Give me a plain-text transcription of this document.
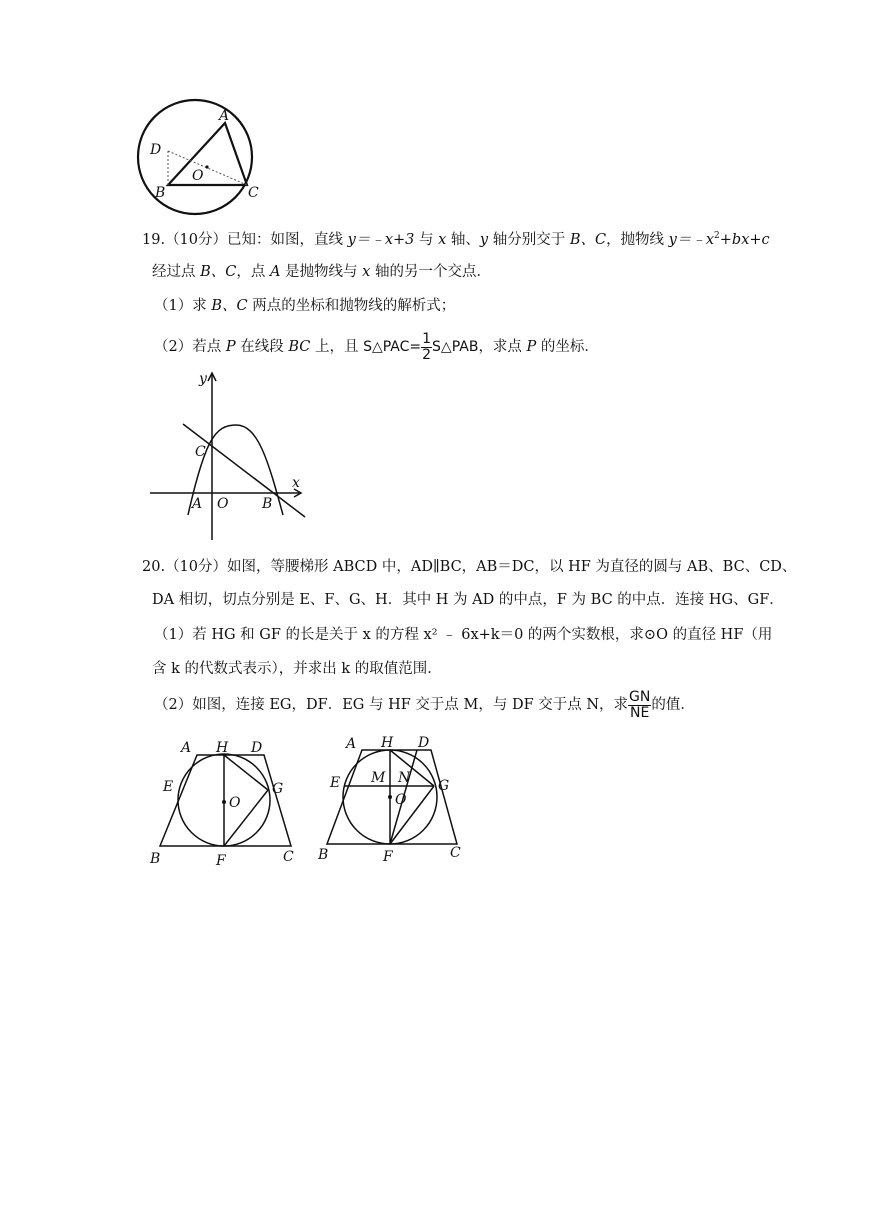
A
D
O
B	C
19.（10分）已知：如图，直线 y＝﹣x+3 与 x 轴、y 轴分别交于 B、C，抛物线 $y=﹣x^2+bx+c$
经过点 B、C，点 A 是抛物线与 x 轴的另一个交点．
（1）求 B、C 两点的坐标和抛物线的解析式；
（2）若点 P 在线段 BC 上，且 S△PAC= $\frac{1}{2}$ S△PAB，求点 P 的坐标．
y
x
C
A O B
20.（10分）如图，等腰梯形 ABCD 中，AD∥BC，AB＝DC，以 HF 为直径的圆与 AB、BC、CD、
DA 相切，切点分别是 E、F、G、H．其中 H 为 AD 的中点，F 为 BC 的中点．连接 HG、GF．
（1）若 HG 和 GF 的长是关于 x 的方程 x² ﹣ 6x+k＝0 的两个实数根，求⊙O 的直径 HF（用
含 k 的代数式表示），并求出 k 的取值范围．
（2）如图，连接 EG，DF．EG 与 HF 交于点 M，与 DF 交于点 N，求 $\frac{GN}{NE}$ 的值．
A H D
E
O
G
B	F	C
A H D
E M N G
O
B	F	C
